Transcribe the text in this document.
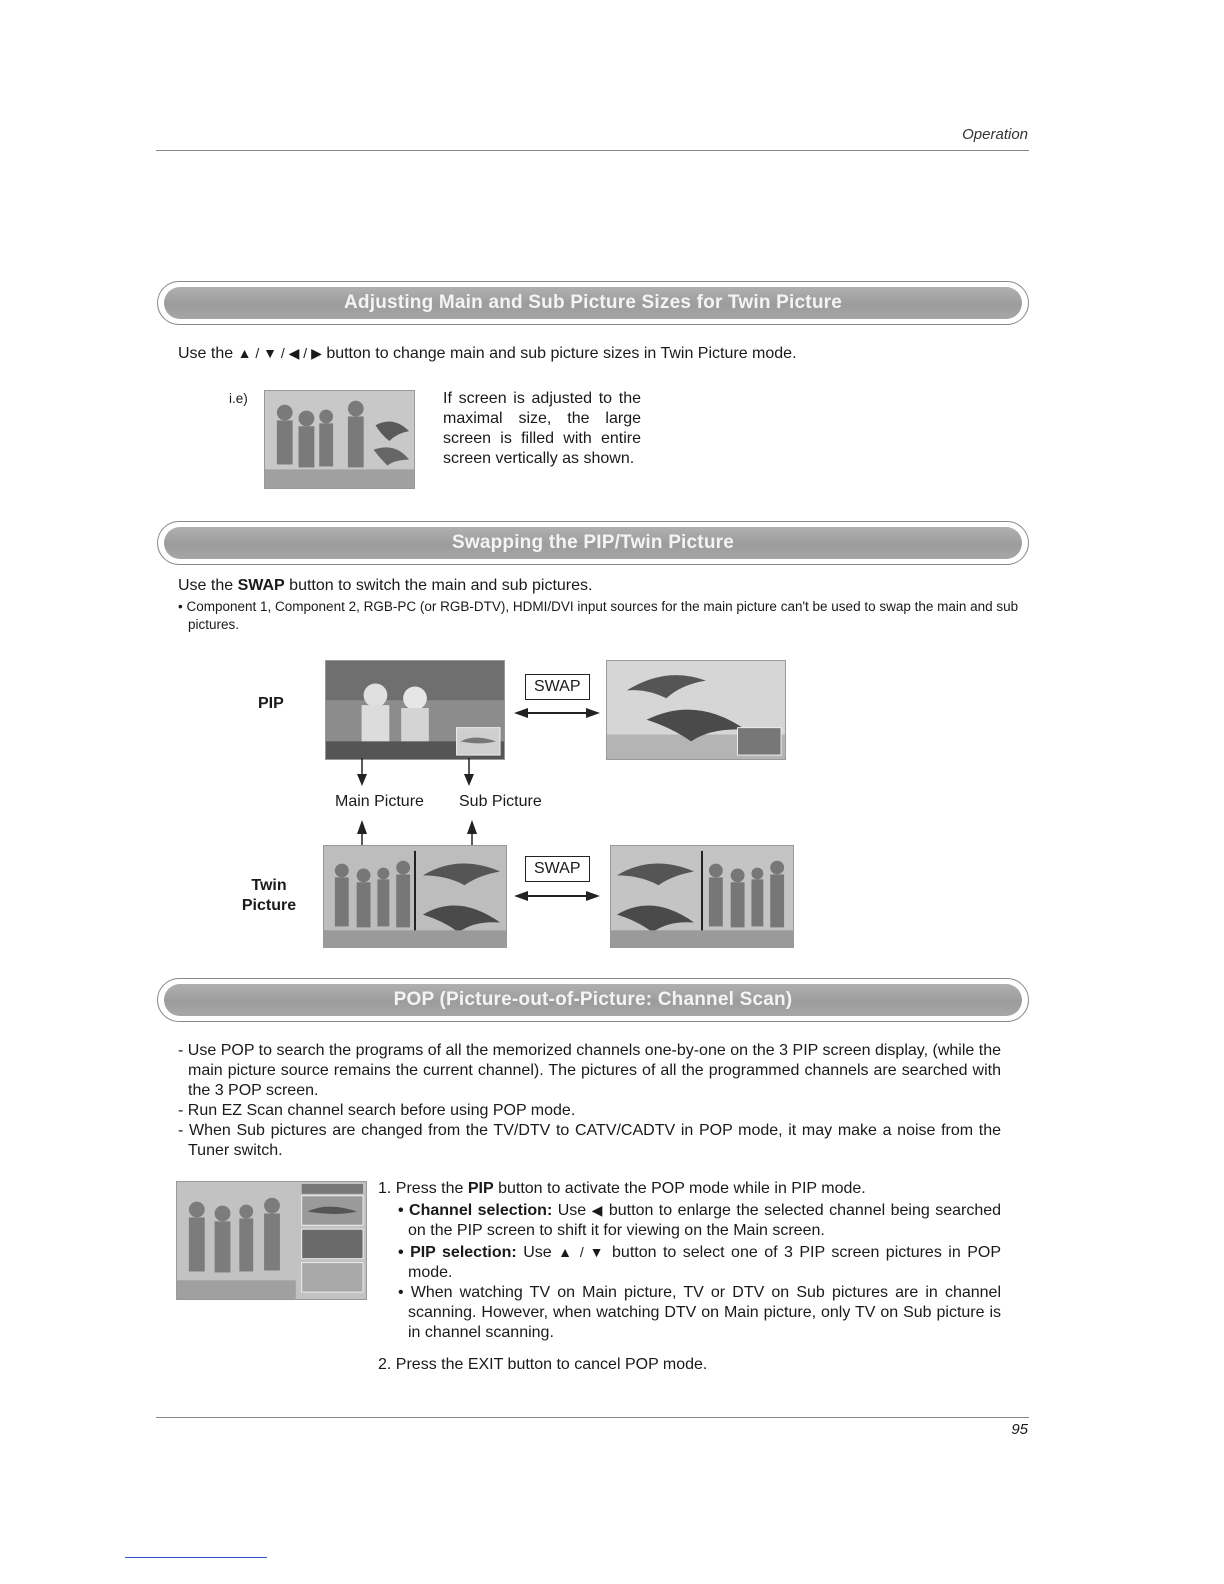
Operation
Adjusting Main and Sub Picture Sizes for Twin Picture
Use the ▲ / ▼ / ◀ / ▶ button to change main and sub picture sizes in Twin Picture mode.
i.e)	If screen is adjusted to the maximal size, the large screen is filled with entire screen vertically as shown.
Swapping the PIP/Twin Picture
Use the SWAP button to switch the main and sub pictures.
• Component 1, Component 2, RGB-PC (or RGB-DTV), HDMI/DVI input sources for the main picture can't be used to swap the main and sub pictures.
PIP
SWAP
Main Picture Sub Picture
Twin
Picture
SWAP
POP (Picture-out-of-Picture: Channel Scan)
- Use POP to search the programs of all the memorized channels one-by-one on the 3 PIP screen display, (while the main picture source remains the current channel). The pictures of all the programmed channels are searched with the 3 POP screen.
- Run EZ Scan channel search before using POP mode.
- When Sub pictures are changed from the TV/DTV to CATV/CADTV in POP mode, it may make a noise from the Tuner switch.
1. Press the PIP button to activate the POP mode while in PIP mode.
• Channel selection: Use ◀ button to enlarge the selected channel being searched on the PIP screen to shift it for viewing on the Main screen.
• PIP selection: Use ▲ / ▼ button to select one of 3 PIP screen pictures in POP mode.
• When watching TV on Main picture, TV or DTV on Sub pictures are in channel scanning. However, when watching DTV on Main picture, only TV on Sub picture is in channel scanning.
2. Press the EXIT button to cancel POP mode.
95
